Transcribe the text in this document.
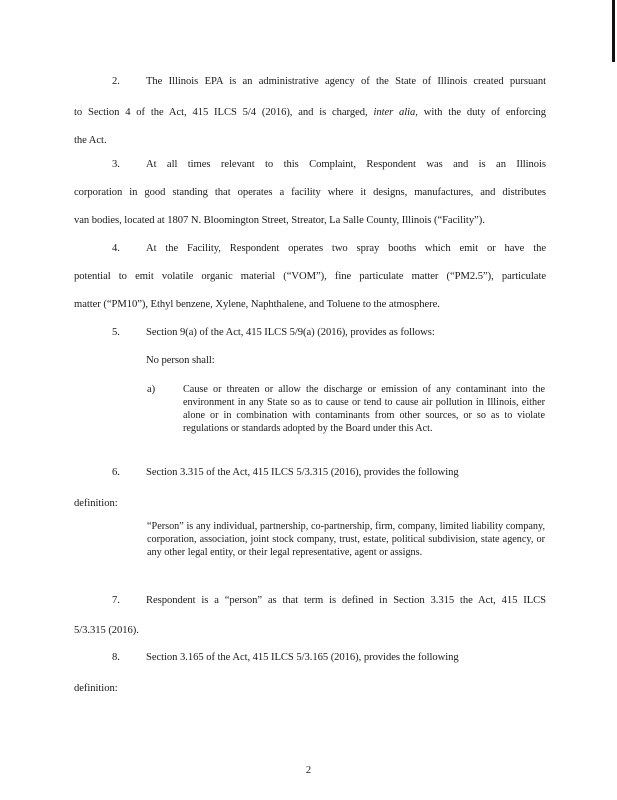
2. The Illinois EPA is an administrative agency of the State of Illinois created pursuant
to Section 4 of the Act, 415 ILCS 5/4 (2016), and is charged, inter alia, with the duty of enforcing
the Act.
3. At all times relevant to this Complaint, Respondent was and is an Illinois
corporation in good standing that operates a facility where it designs, manufactures, and distributes
van bodies, located at 1807 N. Bloomington Street, Streator, La Salle County, Illinois (“Facility”).
4. At the Facility, Respondent operates two spray booths which emit or have the
potential to emit volatile organic material (“VOM”), fine particulate matter (“PM2.5”), particulate
matter (“PM10”), Ethyl benzene, Xylene, Naphthalene, and Toluene to the atmosphere.
5. Section 9(a) of the Act, 415 ILCS 5/9(a) (2016), provides as follows:
No person shall:
a)	Cause or threaten or allow the discharge or emission of any contaminant into the environment in any State so as to cause or tend to cause air pollution in Illinois, either alone or in combination with contaminants from other sources, or so as to violate regulations or standards adopted by the Board under this Act.
6. Section 3.315 of the Act, 415 ILCS 5/3.315 (2016), provides the following
definition:
“Person” is any individual, partnership, co-partnership, firm, company, limited liability company, corporation, association, joint stock company, trust, estate, political subdivision, state agency, or any other legal entity, or their legal representative, agent or assigns.
7. Respondent is a “person” as that term is defined in Section 3.315 the Act, 415 ILCS
5/3.315 (2016).
8. Section 3.165 of the Act, 415 ILCS 5/3.165 (2016), provides the following
definition:
2
